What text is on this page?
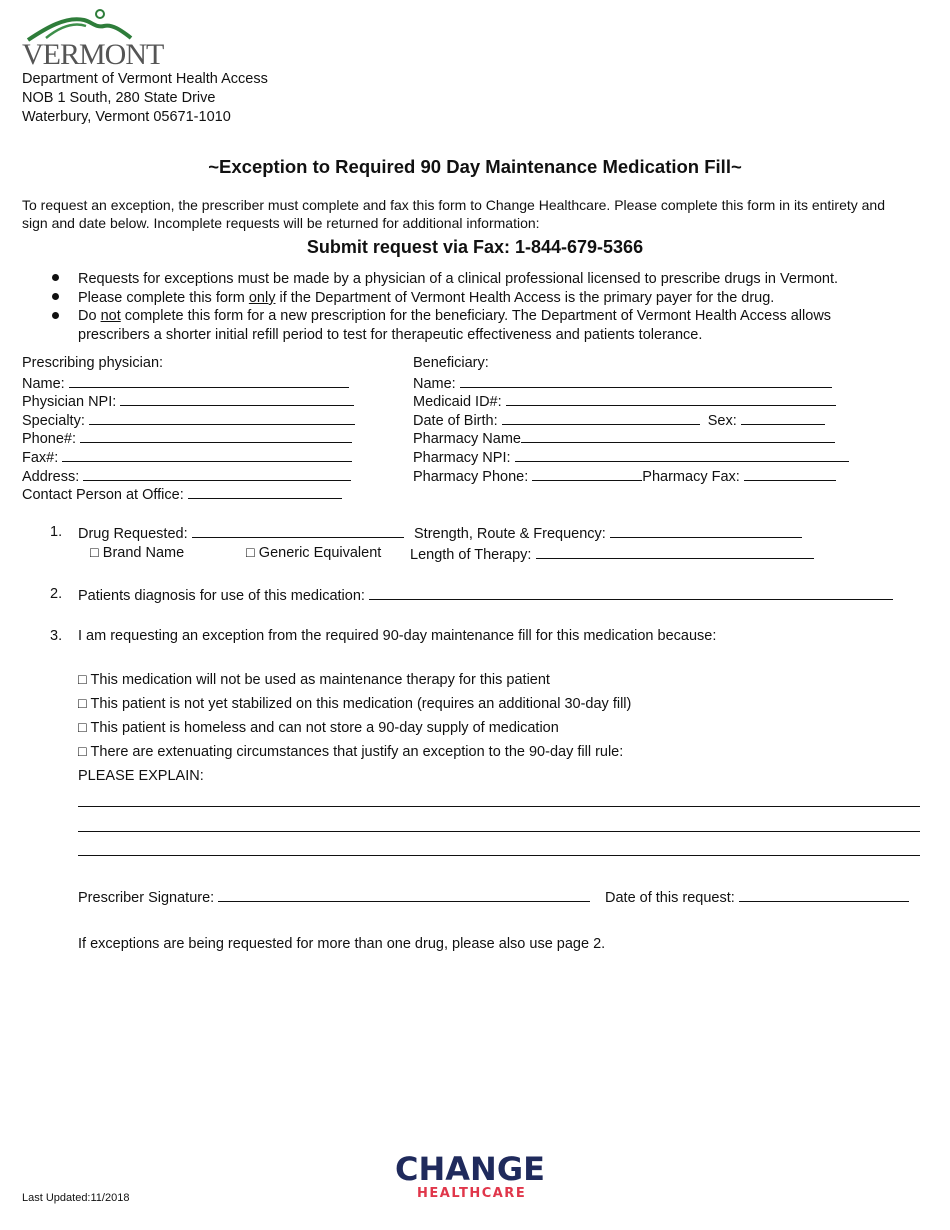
VERMONT
Department of Vermont Health Access
NOB 1 South, 280 State Drive
Waterbury, Vermont 05671-1010
~Exception to Required 90 Day Maintenance Medication Fill~
To request an exception, the prescriber must complete and fax this form to Change Healthcare. Please complete this form in its entirety and
sign and date below. Incomplete requests will be returned for additional information:
Submit request via Fax: 1-844-679-5366
Requests for exceptions must be made by a physician of a clinical professional licensed to prescribe drugs in Vermont.
Please complete this form only if the Department of Vermont Health Access is the primary payer for the drug.
Do not complete this form for a new prescription for the beneficiary. The Department of Vermont Health Access allows
prescribers a shorter initial refill period to test for therapeutic effectiveness and patients tolerance.
Prescribing physician:
Name:
Physician NPI:
Specialty:
Phone#:
Fax#:
Address:
Contact Person at Office:
Beneficiary:
Name:
Medicaid ID#:
Date of Birth:	Sex:
Pharmacy Name
Pharmacy NPI:
Pharmacy Phone:	Pharmacy Fax:
1. Drug Requested:	Strength, Route & Frequency:
□ Brand Name	□ Generic Equivalent Length of Therapy:
2. Patients diagnosis for use of this medication:
3. I am requesting an exception from the required 90-day maintenance fill for this medication because:
□ This medication will not be used as maintenance therapy for this patient
□ This patient is not yet stabilized on this medication (requires an additional 30-day fill)
□ This patient is homeless and can not store a 90-day supply of medication
□ There are extenuating circumstances that justify an exception to the 90-day fill rule:
PLEASE EXPLAIN:
Prescriber Signature:	Date of this request:
If exceptions are being requested for more than one drug, please also use page 2.
Last Updated:11/2018
CHANGE
HEALTHCARE
